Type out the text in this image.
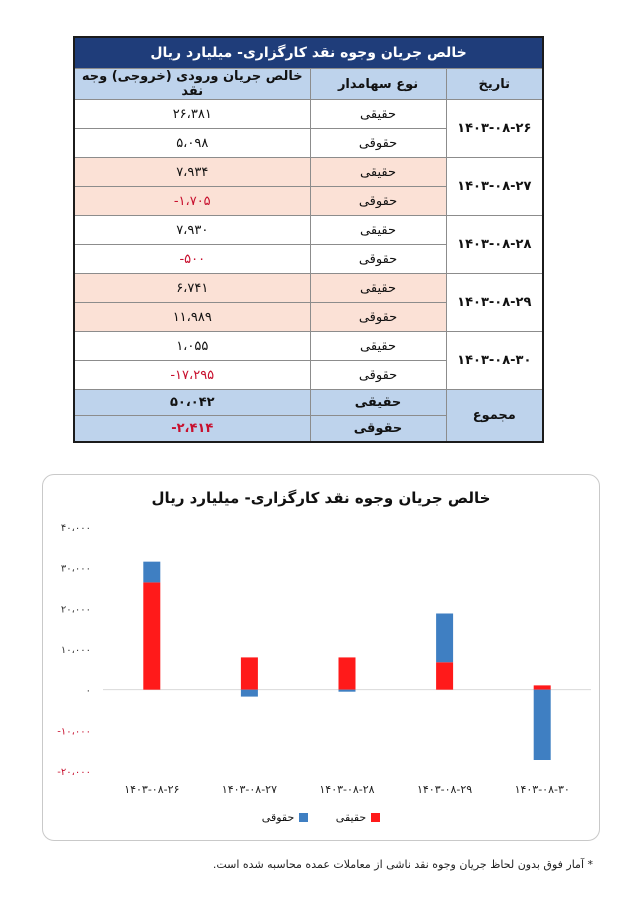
خالص جریان وجوه نقد کارگزاری- میلیارد ریال		
تاریخ	نوع سهامدار	خالص جریان ورودی (خروجی) وجه نقد
۱۴۰۳-۰۸-۲۶	حقیقی	۲۶،۳۸۱
	حقوقی	۵،۰۹۸
۱۴۰۳-۰۸-۲۷	حقیقی	۷،۹۳۴
	حقوقی	-۱،۷۰۵
۱۴۰۳-۰۸-۲۸	حقیقی	۷،۹۳۰
	حقوقی	-۵۰۰
۱۴۰۳-۰۸-۲۹	حقیقی	۶،۷۴۱
	حقوقی	۱۱،۹۸۹
۱۴۰۳-۰۸-۳۰	حقیقی	۱،۰۵۵
	حقوقی	-۱۷،۲۹۵
مجموع	حقیقی	۵۰،۰۴۲
	حقوقی	-۲،۴۱۴
۴۰،۰۰۰
۳۰،۰۰۰
۲۰،۰۰۰
۱۰،۰۰۰
۰
-۱۰،۰۰۰
-۲۰،۰۰۰
۱۴۰۳-۰۸-۲۶	۱۴۰۳-۰۸-۲۷	۱۴۰۳-۰۸-۲۸	۱۴۰۳-۰۸-۲۹	۱۴۰۳-۰۸-۳۰
خالص جریان وجوه نقد کارگزاری- میلیارد ریال
حقیقی

حقوقی
* آمار فوق بدون لحاظ جریان وجوه نقد ناشی از معاملات عمده محاسبه شده است.
